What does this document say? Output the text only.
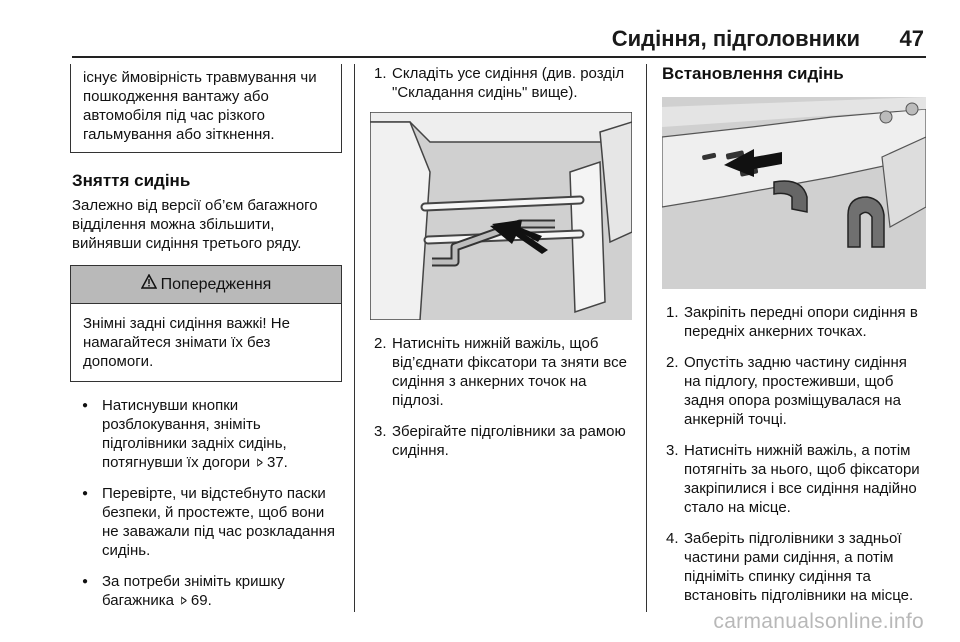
Сидіння, підголовники 47
існує ймовірність травмування чи пошкодження вантажу або автомобіля під час різкого гальмування або зіткнення.
Зняття сидінь

Залежно від версії об’єм багажного відділення можна збільшити, вийнявши сидіння третього ряду.

Попередження
Знімні задні сидіння важкі! Не намагайтеся знімати їх без допомоги.
● Натиснувши кнопки розблокування, зніміть підголівники задніх сидінь, потягнувши їх догори ⊳ 37.
● Перевірте, чи відстебнуто паски безпеки, й простежте, щоб вони не заважали під час розкладання сидінь.
● За потреби зніміть кришку багажника ⊳ 69.
1. Складіть усе сидіння (див. розділ "Складання сидінь" вище).
2. Натисніть нижній важіль, щоб від’єднати фіксатори та зняти все сидіння з анкерних точок на підлозі.
3. Зберігайте підголівники за рамою сидіння.
Встановлення сидінь
1. Закріпіть передні опори сидіння в передніх анкерних точках.
2. Опустіть задню частину сидіння на підлогу, простеживши, щоб задня опора розміщувалася на анкерній точці.
3. Натисніть нижній важіль, а потім потягніть за нього, щоб фіксатори закріпилися і все сидіння надійно стало на місце.
4. Заберіть підголівники з задньої частини рами сидіння, а потім підніміть спинку сидіння та встановіть підголівники на місце.
carmanualsonline.info
